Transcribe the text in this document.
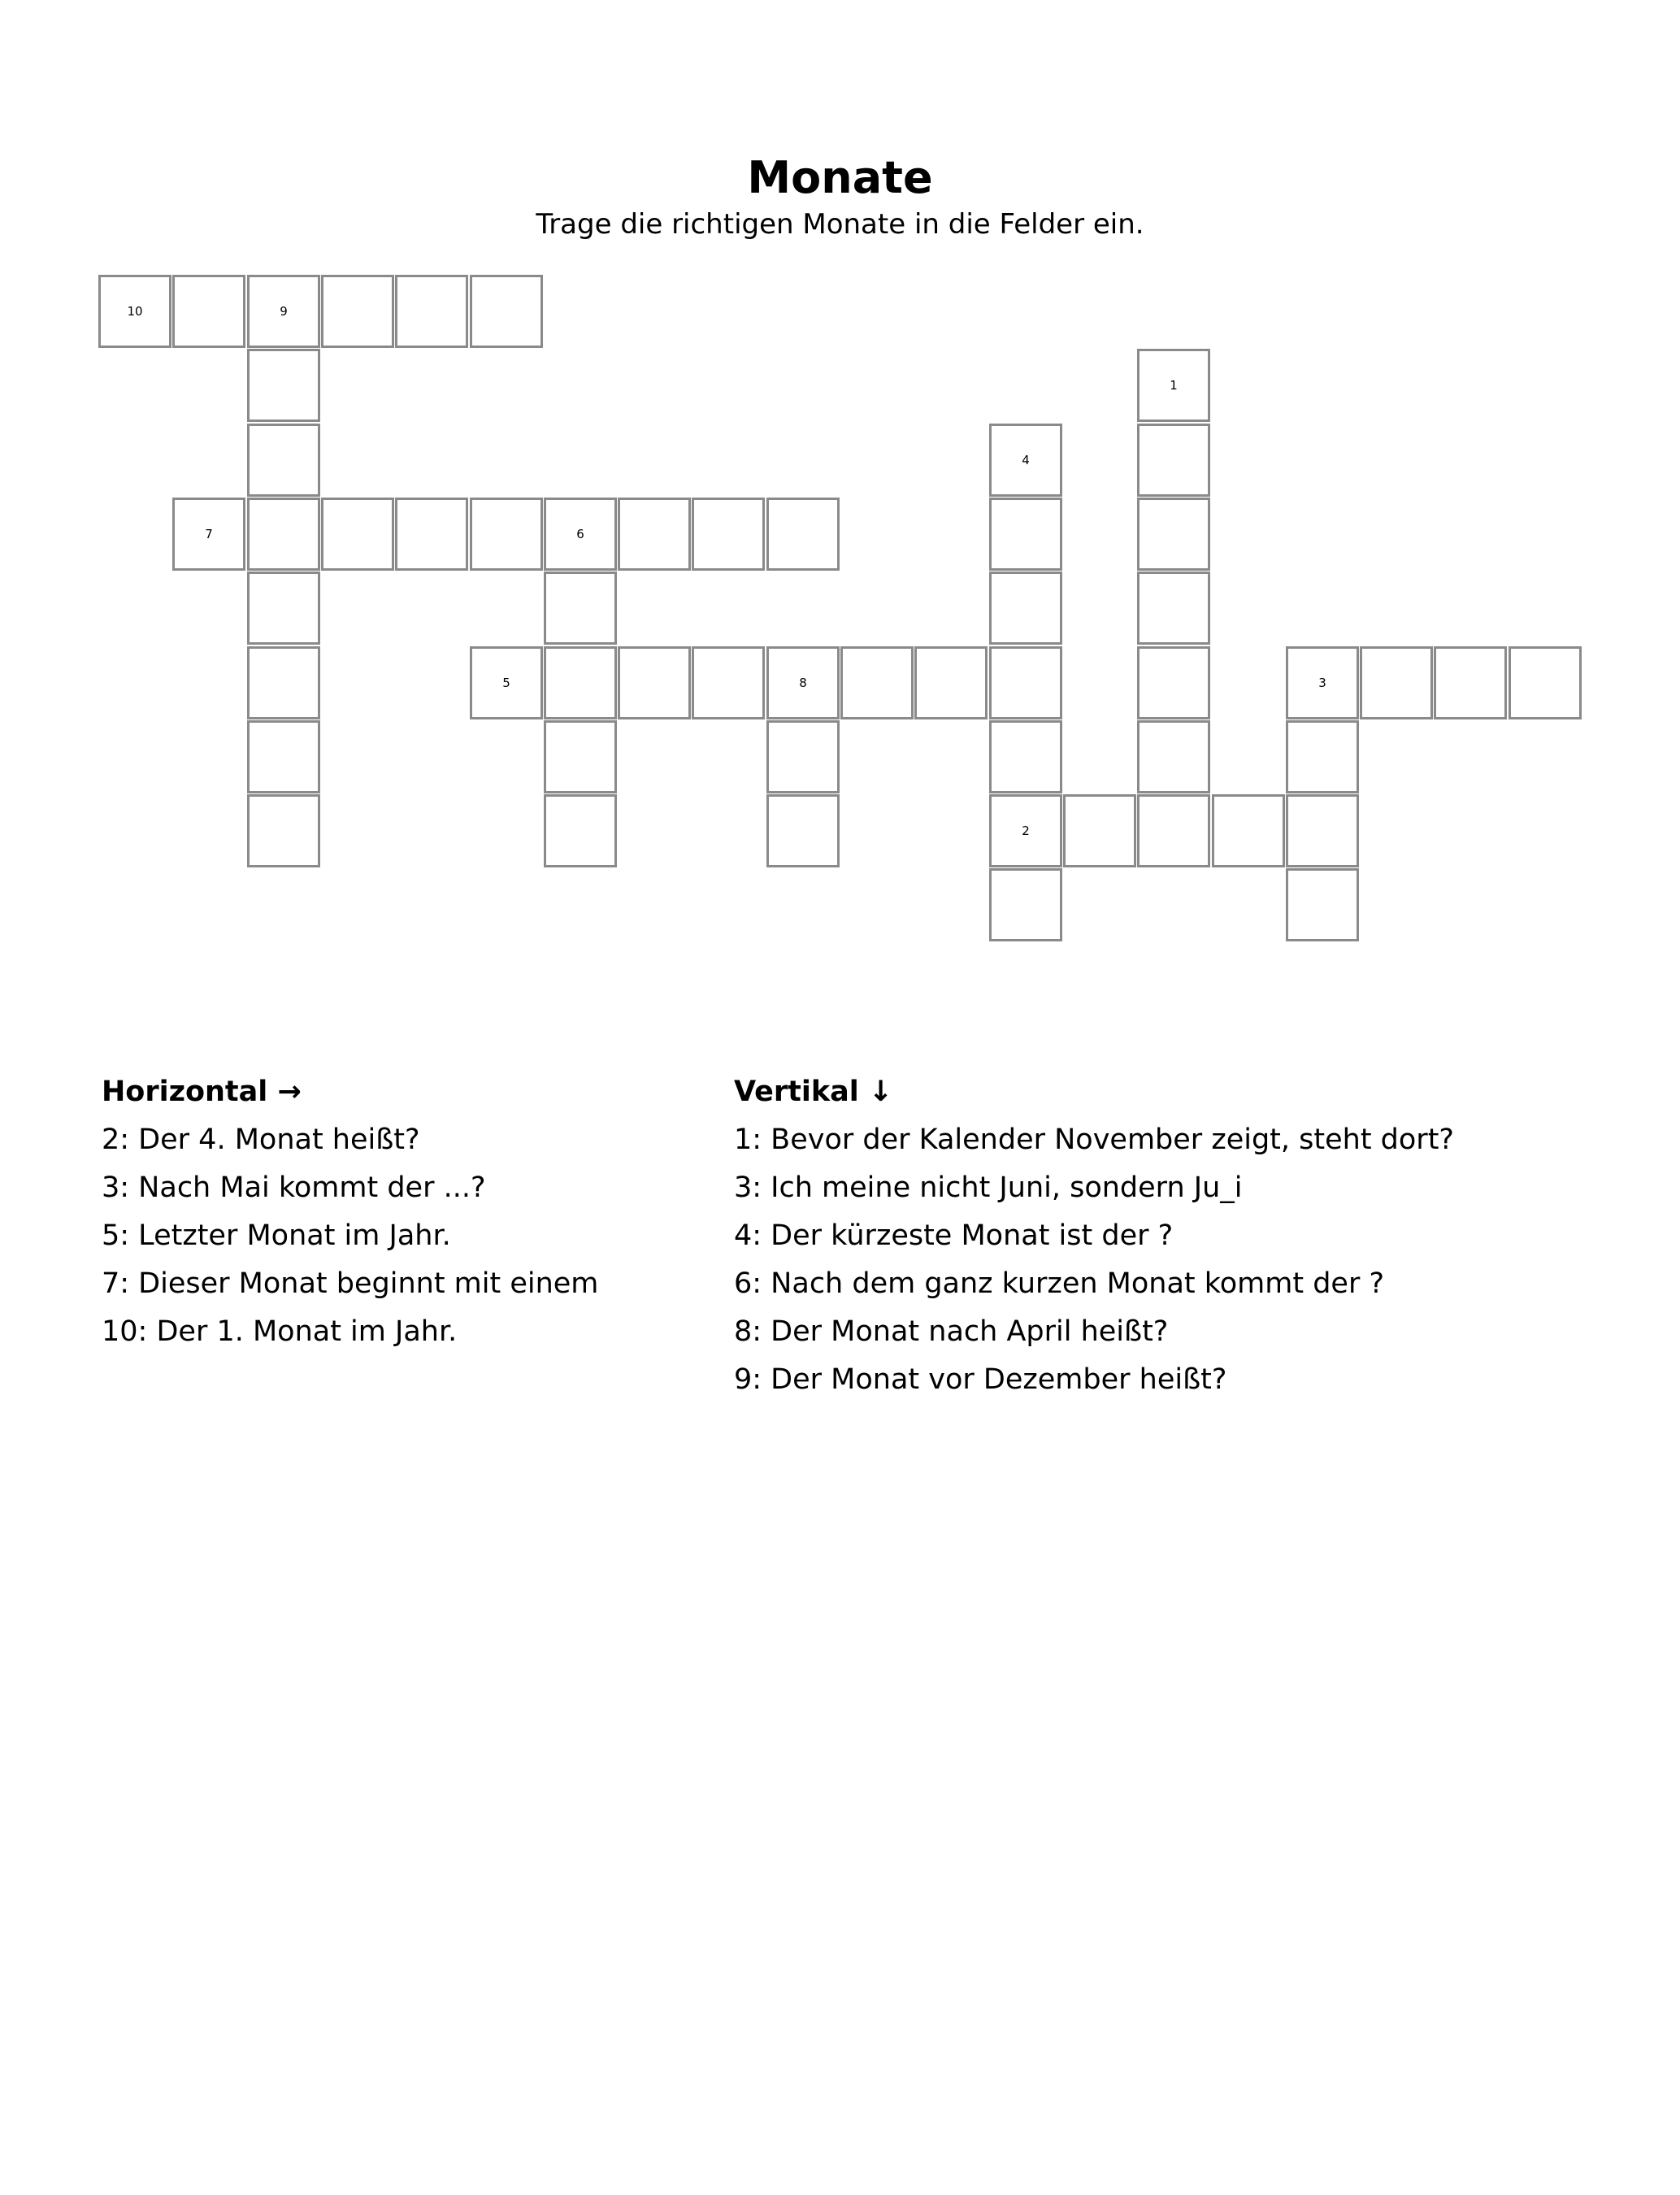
Monate
Trage die richtigen Monate in die Felder ein.
10	9
1
4
7	6
5	8	3
2
Horizontal →
2: Der 4. Monat heißt?
3: Nach Mai kommt der ...?
5: Letzter Monat im Jahr.
7: Dieser Monat beginnt mit einem
10: Der 1. Monat im Jahr.
Vertikal ↓
1: Bevor der Kalender November zeigt, steht dort?
3: Ich meine nicht Juni, sondern Ju_i
4: Der kürzeste Monat ist der ?
6: Nach dem ganz kurzen Monat kommt der ?
8: Der Monat nach April heißt?
9: Der Monat vor Dezember heißt?
